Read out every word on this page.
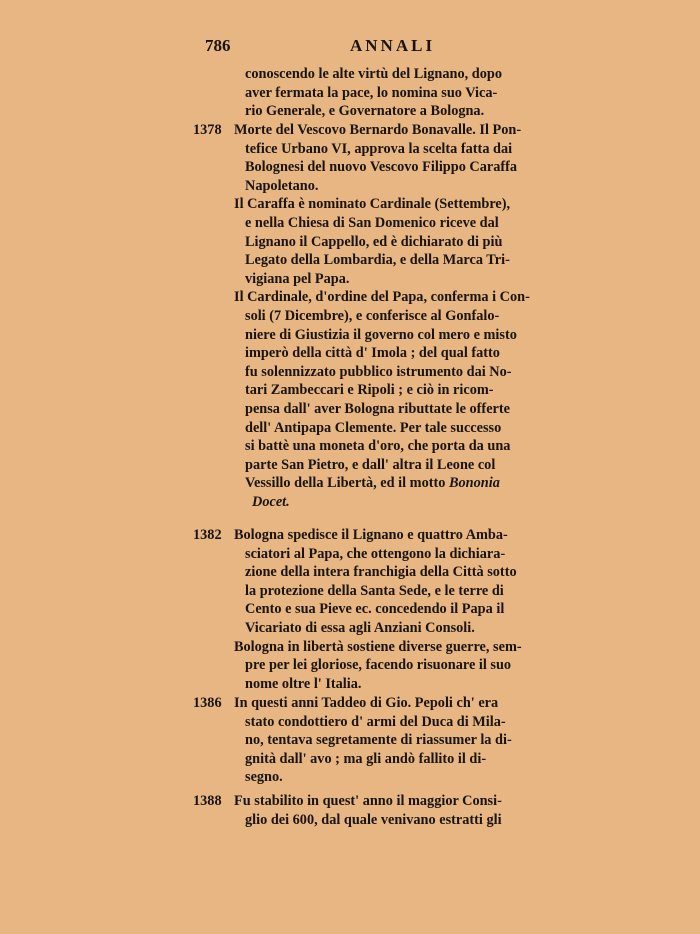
786	ANNALI
conoscendo le alte virtù del Lignano, dopo
aver fermata la pace, lo nomina suo Vica-
rio Generale, e Governatore a Bologna.
1378 Morte del Vescovo Bernardo Bonavalle. Il Pon-
tefice Urbano VI, approva la scelta fatta dai
Bolognesi del nuovo Vescovo Filippo Caraffa
Napoletano.
Il Caraffa è nominato Cardinale (Settembre),
e nella Chiesa di San Domenico riceve dal
Lignano il Cappello, ed è dichiarato di più
Legato della Lombardia, e della Marca Tri-
vigiana pel Papa.
Il Cardinale, d'ordine del Papa, conferma i Con-
soli (7 Dicembre), e conferisce al Gonfalo-
niere di Giustizia il governo col mero e misto
imperò della città d' Imola ; del qual fatto
fu solennizzato pubblico istrumento dai No-
tari Zambeccari e Ripoli ; e ciò in ricom-
pensa dall' aver Bologna ributtate le offerte
dell' Antipapa Clemente. Per tale successo
si battè una moneta d'oro, che porta da una
parte San Pietro, e dall' altra il Leone col
Vessillo della Libertà, ed il motto Bononia
Docet.
1382 Bologna spedisce il Lignano e quattro Amba-
sciatori al Papa, che ottengono la dichiara-
zione della intera franchigia della Città sotto
la protezione della Santa Sede, e le terre di
Cento e sua Pieve ec. concedendo il Papa il
Vicariato di essa agli Anziani Consoli.
Bologna in libertà sostiene diverse guerre, sem-
pre per lei gloriose, facendo risuonare il suo
nome oltre l' Italia.
1386 In questi anni Taddeo di Gio. Pepoli ch' era
stato condottiero d' armi del Duca di Mila-
no, tentava segretamente di riassumer la di-
gnità dall' avo ; ma gli andò fallito il di-
segno.
1388 Fu stabilito in quest' anno il maggior Consi-
glio dei 600, dal quale venivano estratti gli
